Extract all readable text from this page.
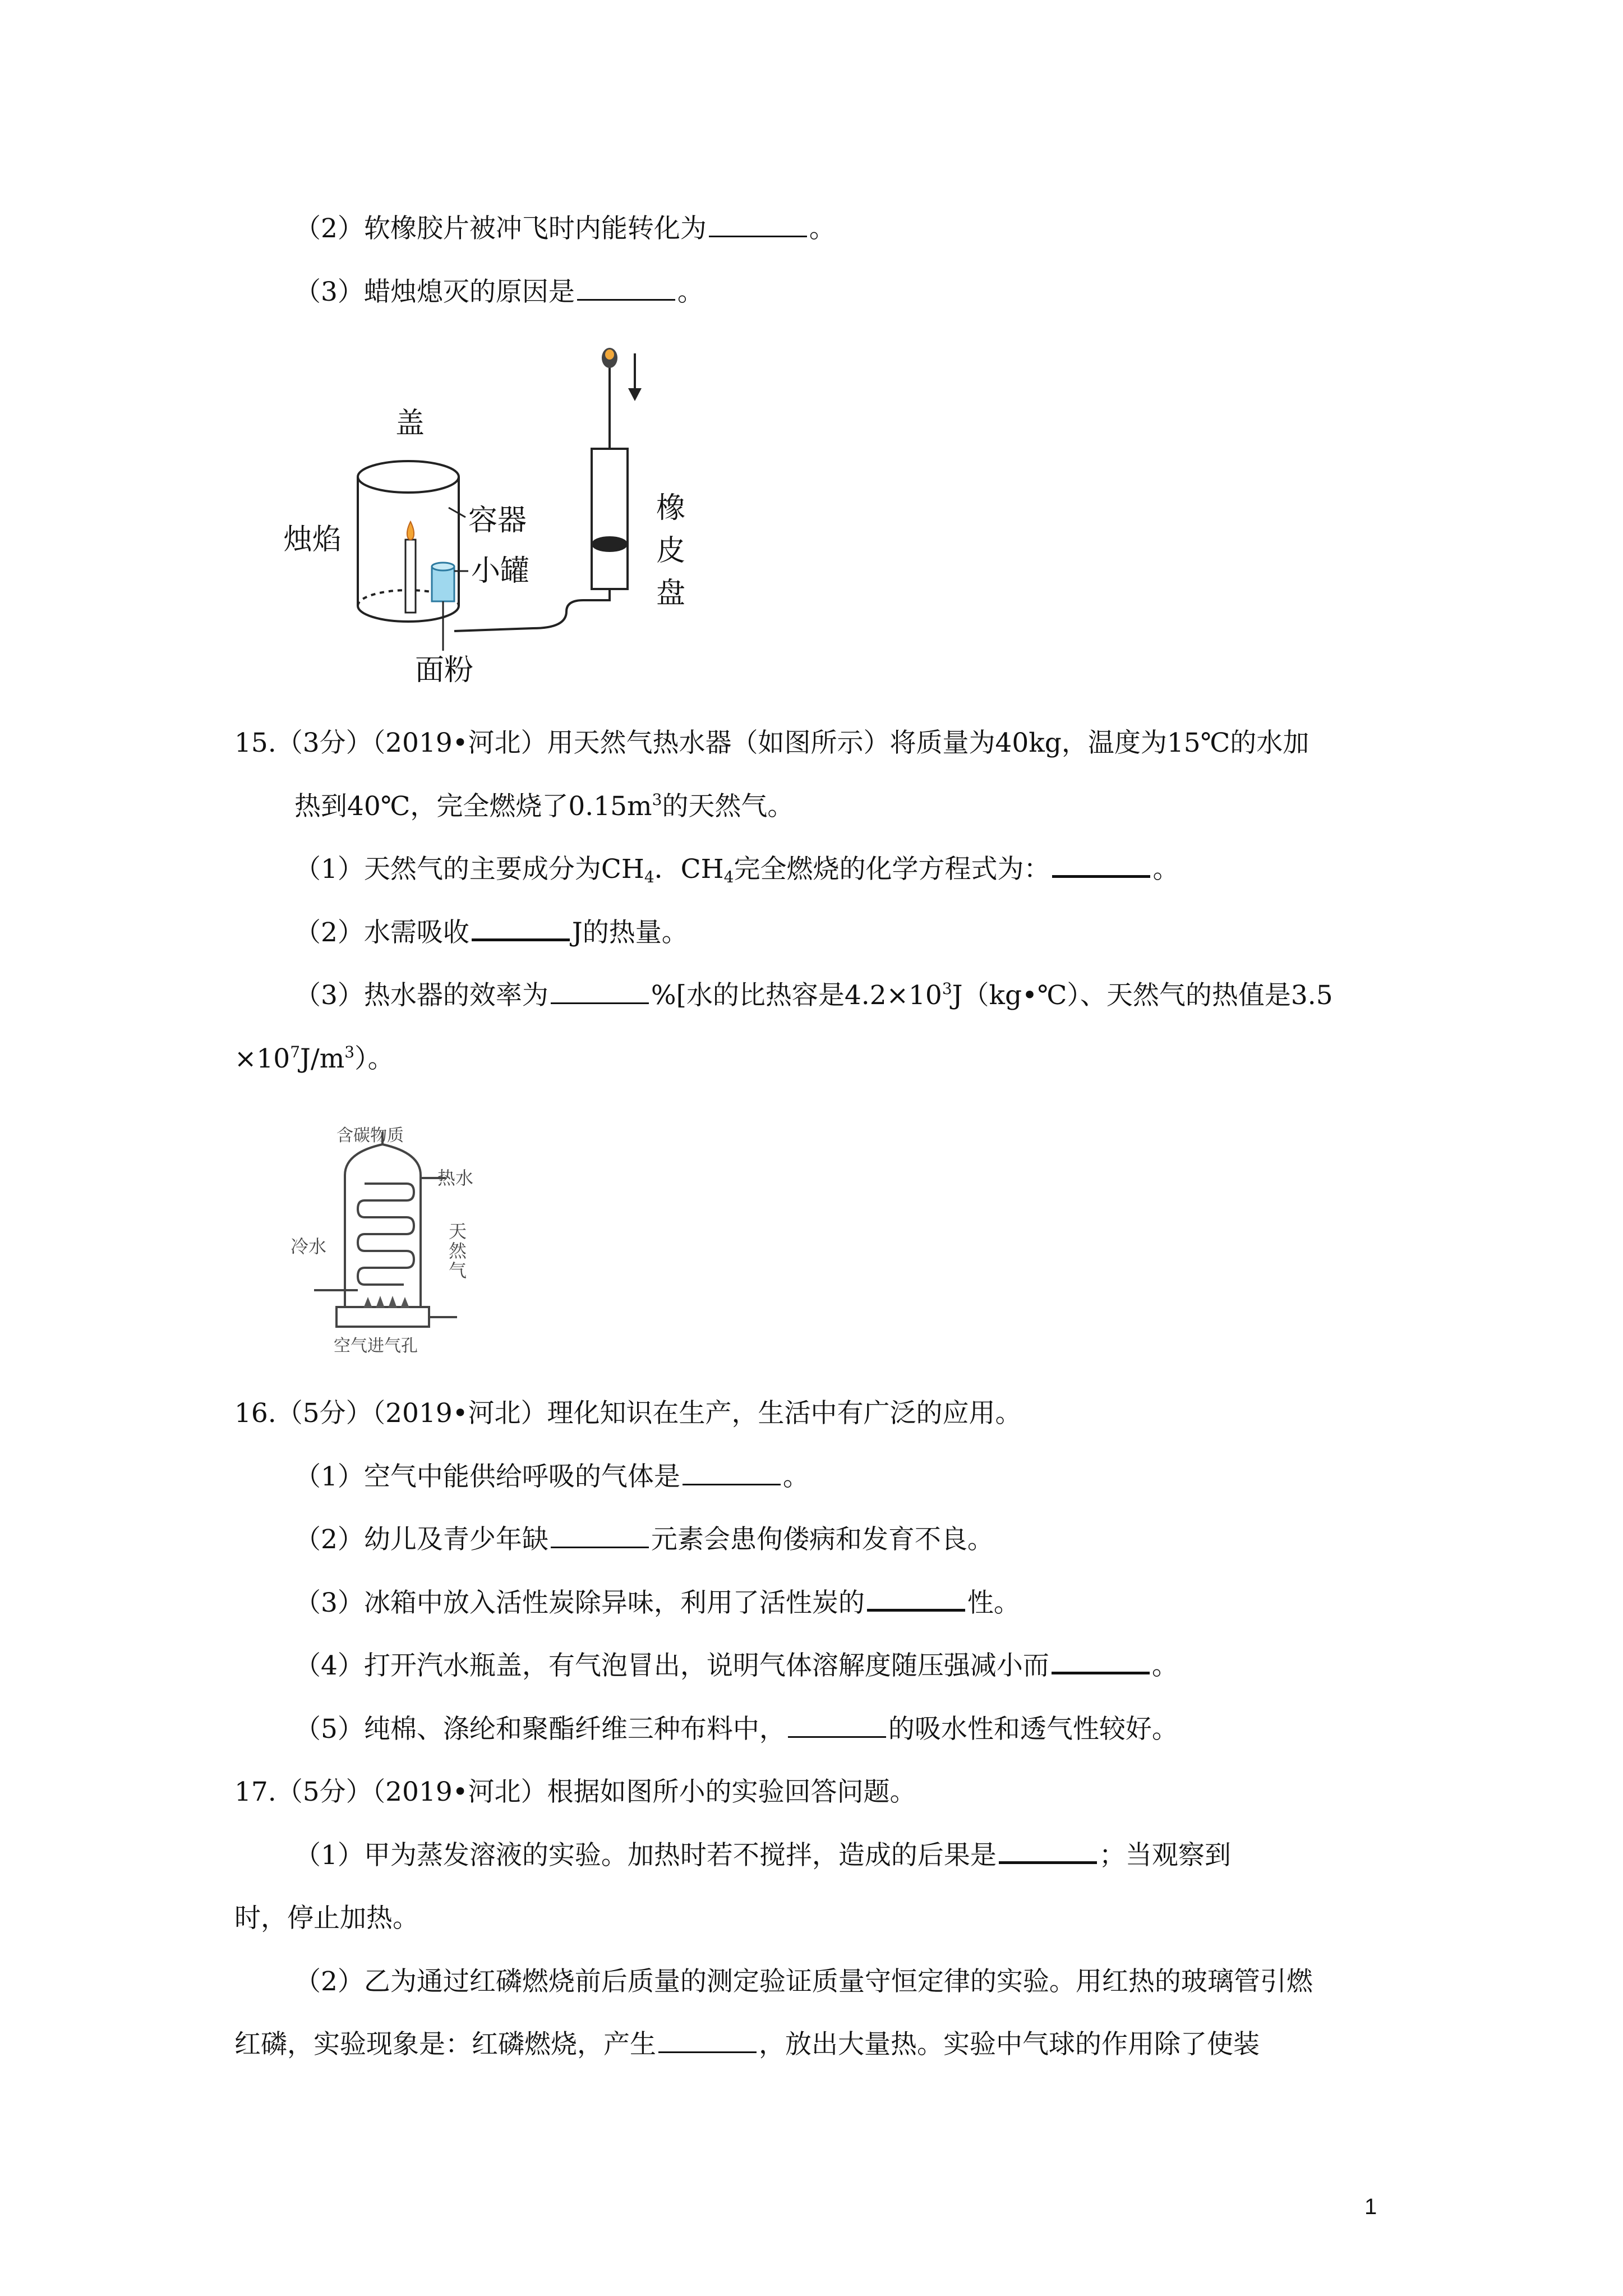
（2）软橡胶片被冲飞时内能转化为	。
（3）蜡烛熄灭的原因是	。
盖
烛焰
容器
小罐
面粉
橡
皮
盘
15.（3分）（2019•河北）用天然气热水器（如图所示）将质量为40kg，温度为15℃的水加
热到40℃，完全燃烧了$0.15m^3$的天然气。
（1）天然气的主要成分为$CH_4$．$CH_4$完全燃烧的化学方程式为：	。
（2）水需吸收	J的热量。
（3）热水器的效率为	%[水的比热容是$4.2\times 10^3J(kg•℃)$、天然气的热值是3.5
$\times 10^7J/m^3$）。
含碳物质
热水
冷水
天
然
气
空气进气孔
16.（5分）（2019•河北）理化知识在生产，生活中有广泛的应用。
（1）空气中能供给呼吸的气体是	。
（2）幼儿及青少年缺	元素会患佝偻病和发育不良。
（3）冰箱中放入活性炭除异味，利用了活性炭的	性。
（4）打开汽水瓶盖，有气泡冒出，说明气体溶解度随压强减小而	。
（5）纯棉、涤纶和聚酯纤维三种布料中，	的吸水性和透气性较好。
17.（5分）（2019•河北）根据如图所小的实验回答问题。
（1）甲为蒸发溶液的实验。加热时若不搅拌，造成的后果是	；当观察到
时，停止加热。
（2）乙为通过红磷燃烧前后质量的测定验证质量守恒定律的实验。用红热的玻璃管引燃
红磷，实验现象是：红磷燃烧，产生	，放出大量热。实验中气球的作用除了使装
1
